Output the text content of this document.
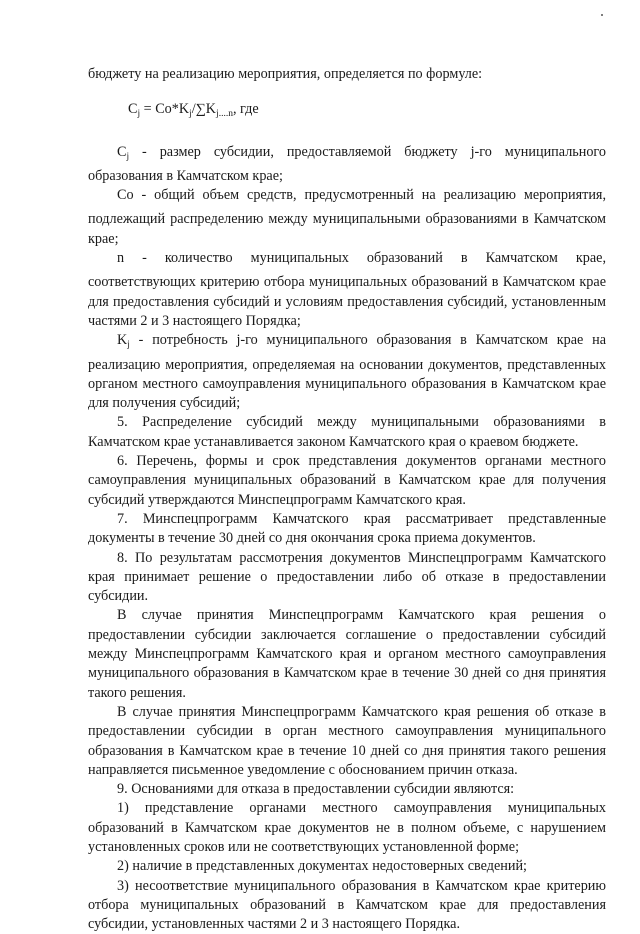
бюджету на реализацию мероприятия, определяется по формуле:

$C_j = Co*K_j/\sum K_{j....n}$, где

$C_j$ - размер субсидии, предоставляемой бюджету j-го муниципального образования в Камчатском крае;

Co - общий объем средств, предусмотренный на реализацию мероприятия, подлежащий распределению между муниципальными образованиями в Камчатском крае;

n - количество муниципальных образований в Камчатском крае, соответствующих критерию отбора муниципальных образований в Камчатском крае для предоставления субсидий и условиям предоставления субсидий, установленным частями 2 и 3 настоящего Порядка;

$K_j$ - потребность j-го муниципального образования в Камчатском крае на реализацию мероприятия, определяемая на основании документов, представленных органом местного самоуправления муниципального образования в Камчатском крае для получения субсидий;

5. Распределение субсидий между муниципальными образованиями в Камчатском крае устанавливается законом Камчатского края о краевом бюджете.

6. Перечень, формы и срок представления документов органами местного самоуправления муниципальных образований в Камчатском крае для получения субсидий утверждаются Минспецпрограмм Камчатского края.

7. Минспецпрограмм Камчатского края рассматривает представленные документы в течение 30 дней со дня окончания срока приема документов.

8. По результатам рассмотрения документов Минспецпрограмм Камчатского края принимает решение о предоставлении либо об отказе в предоставлении субсидии.

В случае принятия Минспецпрограмм Камчатского края решения о предоставлении субсидии заключается соглашение о предоставлении субсидий между Минспецпрограмм Камчатского края и органом местного самоуправления муниципального образования в Камчатском крае в течение 30 дней со дня принятия такого решения.

В случае принятия Минспецпрограмм Камчатского края решения об отказе в предоставлении субсидии в орган местного самоуправления муниципального образования в Камчатском крае в течение 10 дней со дня принятия такого решения направляется письменное уведомление с обоснованием причин отказа.

9. Основаниями для отказа в предоставлении субсидии являются:

1) представление органами местного самоуправления муниципальных образований в Камчатском крае документов не в полном объеме, с нарушением установленных сроков или не соответствующих установленной форме;

2) наличие в представленных документах недостоверных сведений;

3) несоответствие муниципального образования в Камчатском крае критерию отбора муниципальных образований в Камчатском крае для предоставления субсидии, установленных частями 2 и 3 настоящего Порядка.
